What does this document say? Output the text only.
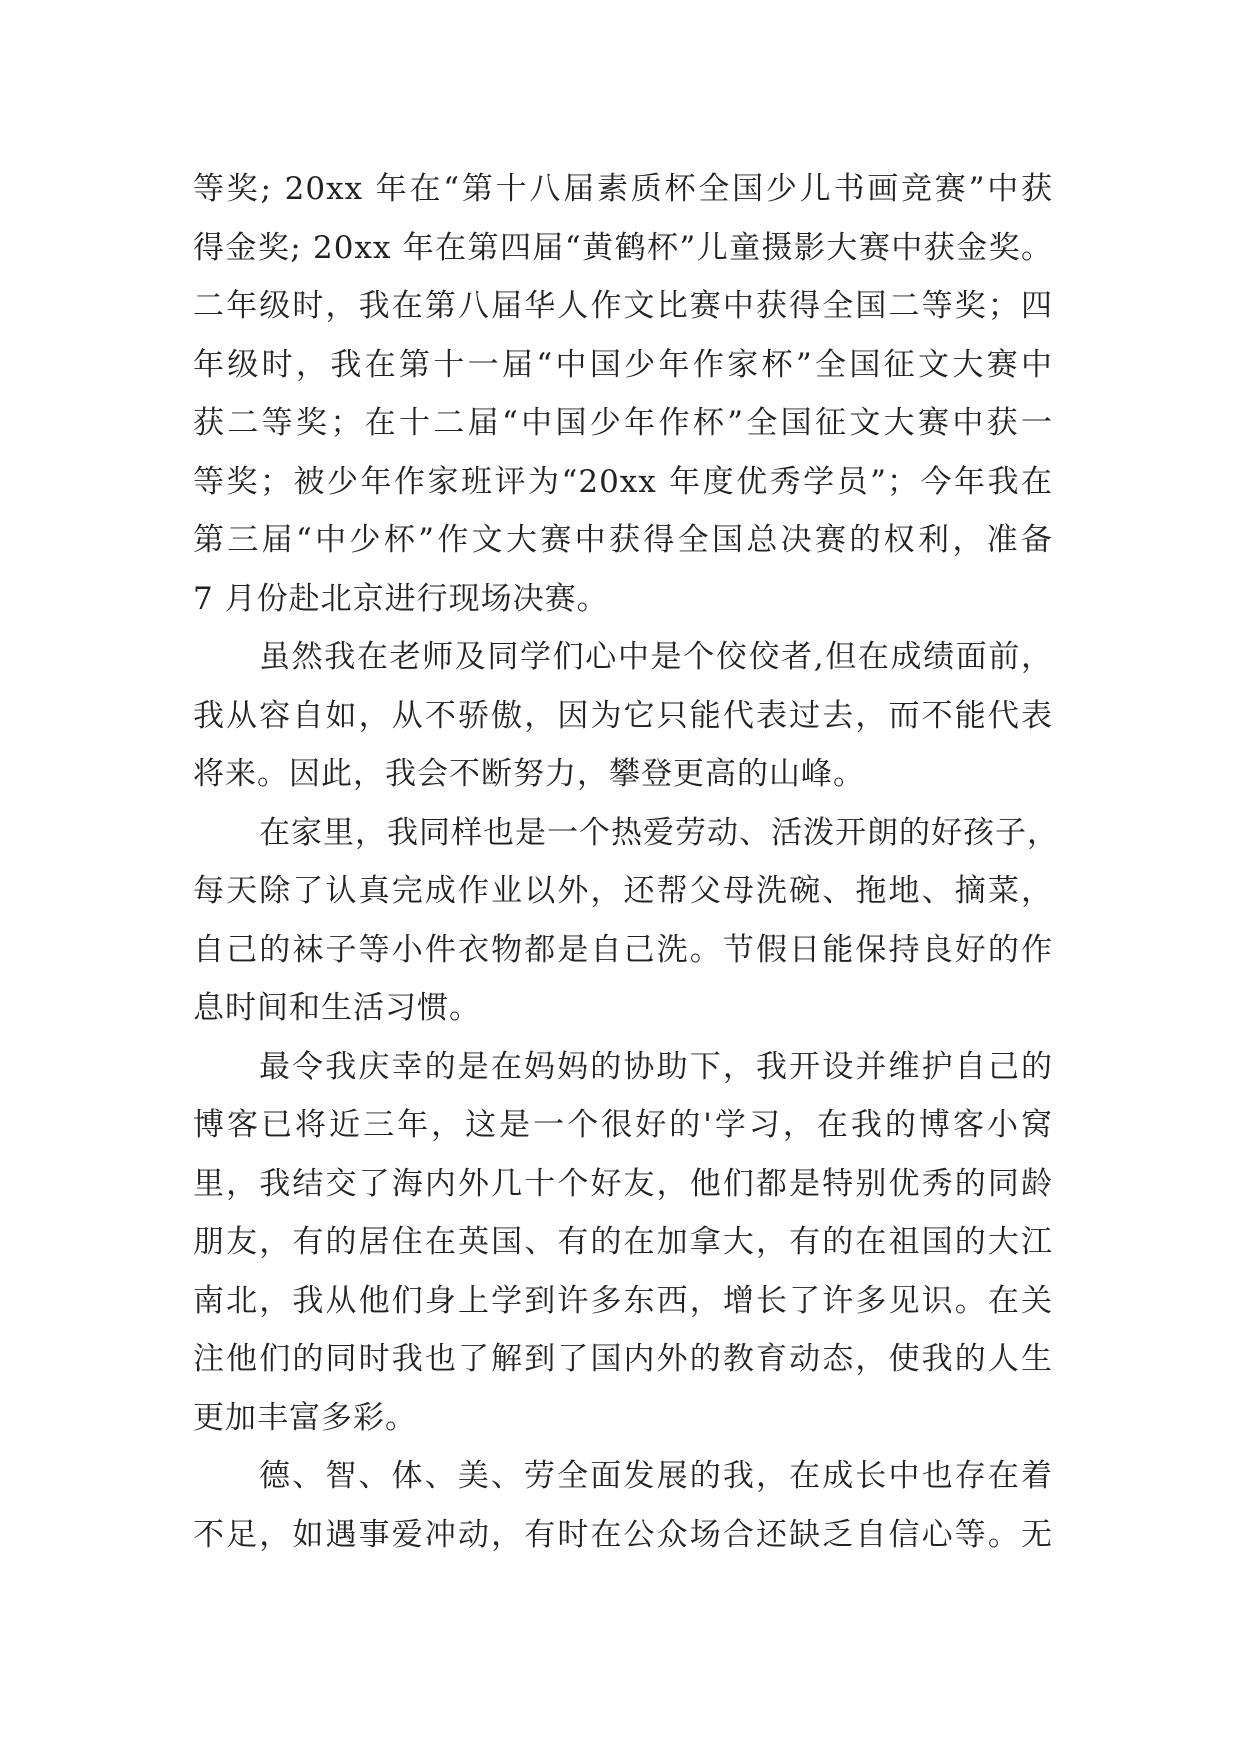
等奖; 20xx 年在“第十八届素质杯全国少儿书画竞赛”中获
得金奖; 20xx 年在第四届“黄鹤杯”儿童摄影大赛中获金奖。
二年级时，我在第八届华人作文比赛中获得全国二等奖；四
年级时，我在第十一届“中国少年作家杯”全国征文大赛中
获二等奖；在十二届“中国少年作杯”全国征文大赛中获一
等奖；被少年作家班评为“20xx 年度优秀学员”；今年我在
第三届“中少杯”作文大赛中获得全国总决赛的权利，准备
7 月份赴北京进行现场决赛。
虽然我在老师及同学们心中是个佼佼者,但在成绩面前，
我从容自如，从不骄傲，因为它只能代表过去，而不能代表
将来。因此，我会不断努力，攀登更高的山峰。
在家里，我同样也是一个热爱劳动、活泼开朗的好孩子，
每天除了认真完成作业以外，还帮父母洗碗、拖地、摘菜，
自己的袜子等小件衣物都是自己洗。节假日能保持良好的作
息时间和生活习惯。
最令我庆幸的是在妈妈的协助下，我开设并维护自己的
博客已将近三年，这是一个很好的'学习，在我的博客小窝
里，我结交了海内外几十个好友，他们都是特别优秀的同龄
朋友，有的居住在英国、有的在加拿大，有的在祖国的大江
南北，我从他们身上学到许多东西，增长了许多见识。在关
注他们的同时我也了解到了国内外的教育动态，使我的人生
更加丰富多彩。
德、智、体、美、劳全面发展的我，在成长中也存在着
不足，如遇事爱冲动，有时在公众场合还缺乏自信心等。无
